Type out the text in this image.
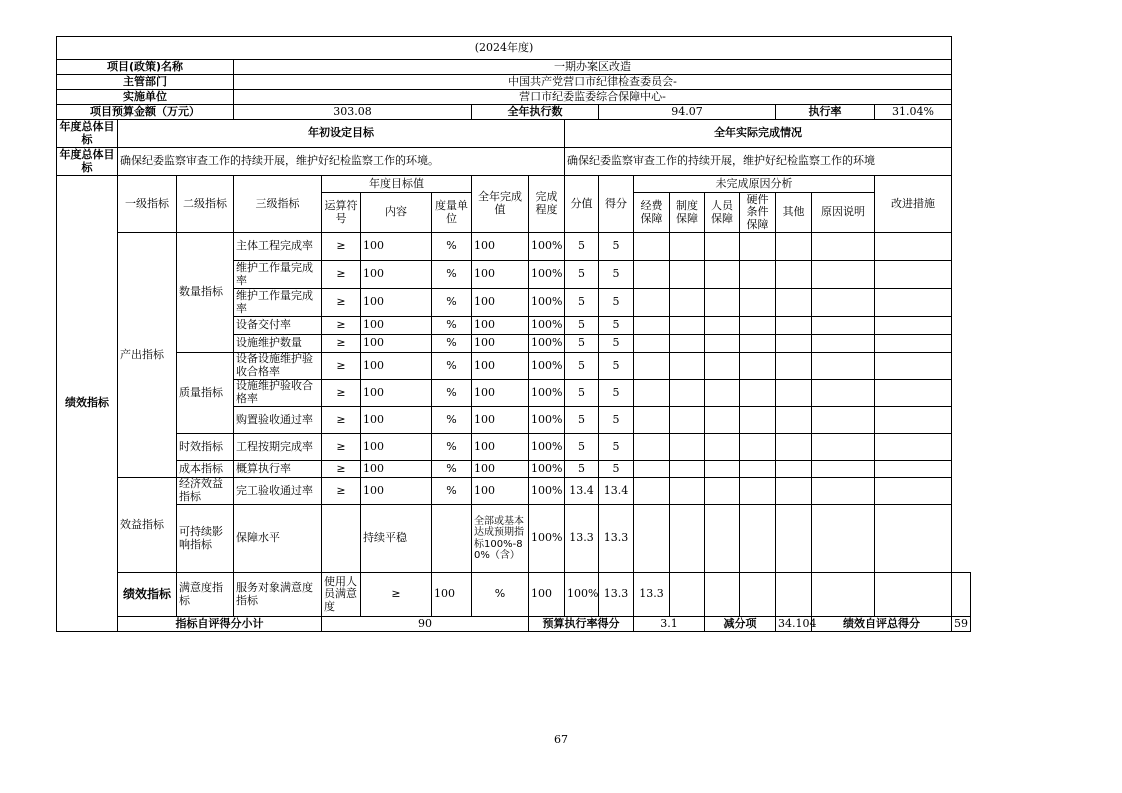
(2024年度)																		
项目(政策)名称			一期办案区改造															
主管部门			中国共产党营口市纪律检查委员会-															
实施单位			营口市纪委监委综合保障中心-															
项目预算金额（万元）			303.08				全年执行数			94.07					执行率		31.04%	
年度总体目标	年初设定目标								全年实际完成情况									
年度总体目标	确保纪委监察审查工作的持续开展，维护好纪检监察工作的环境。								确保纪委监察审查工作的持续开展，维护好纪检监察工作的环境									
绩效指标	一级指标	二级指标	三级指标	年度目标值			全年完成值	完成程度	分值	得分	未完成原因分析						改进措施	
				运算符号	内容	度量单位					经费保障	制度保障	人员保障	硬件条件保障	其他	原因说明		
	产出指标	数量指标	主体工程完成率	≥	100	%	100	100%	5	5								
			维护工作量完成率	≥	100	%	100	100%	5	5								
			维护工作量完成率	≥	100	%	100	100%	5	5								
			设备交付率	≥	100	%	100	100%	5	5								
			设施维护数量	≥	100	%	100	100%	5	5								
		质量指标	设备设施维护验收合格率	≥	100	%	100	100%	5	5								
			设施维护验收合格率	≥	100	%	100	100%	5	5								
			购置验收通过率	≥	100	%	100	100%	5	5								
		时效指标	工程按期完成率	≥	100	%	100	100%	5	5								
		成本指标	概算执行率	≥	100	%	100	100%	5	5								
	效益指标	经济效益指标	完工验收通过率	≥	100	%	100	100%	13.4	13.4								
		可持续影响指标	保障水平		持续平稳		全部或基本达成预期指标100%-80%（含）	100%	13.3	13.3								
	绩效指标	满意度指标	服务对象满意度指标	使用人员满意度	≥	100	%	100	100%	13.3	13.3							
	指标自评得分小计			90				预算执行率得分			3.1		减分项		34.104	绩效自评总得分		59
67
